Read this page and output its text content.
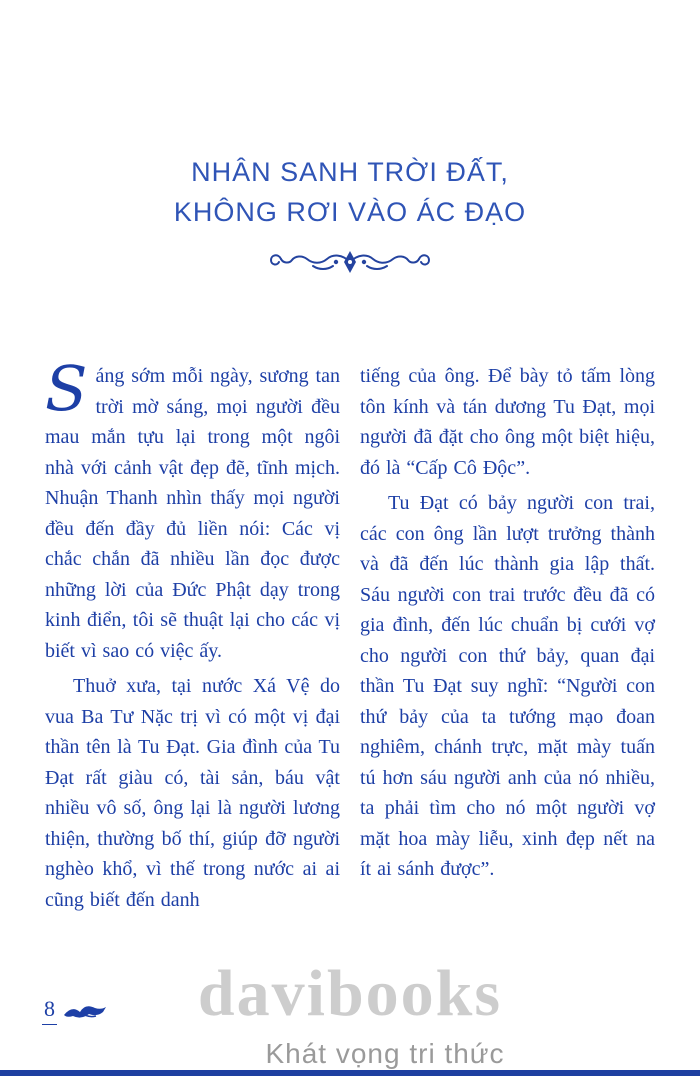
NHÂN SANH TRỜI ĐẤT,
KHÔNG RƠI VÀO ÁC ĐẠO

Sáng sớm mỗi ngày, sương tan trời mờ sáng, mọi người đều mau mắn tựu lại trong một ngôi nhà với cảnh vật đẹp đẽ, tĩnh mịch. Nhuận Thanh nhìn thấy mọi người đều đến đầy đủ liền nói: Các vị chắc chắn đã nhiều lần đọc được những lời của Đức Phật dạy trong kinh điển, tôi sẽ thuật lại cho các vị biết vì sao có việc ấy.

Thuở xưa, tại nước Xá Vệ do vua Ba Tư Nặc trị vì có một vị đại thần tên là Tu Đạt. Gia đình của Tu Đạt rất giàu có, tài sản, báu vật nhiều vô số, ông lại là người lương thiện, thường bố thí, giúp đỡ người nghèo khổ, vì thế trong nước ai ai cũng biết đến danh

tiếng của ông. Để bày tỏ tấm lòng tôn kính và tán dương Tu Đạt, mọi người đã đặt cho ông một biệt hiệu, đó là “Cấp Cô Độc”.

Tu Đạt có bảy người con trai, các con ông lần lượt trưởng thành và đã đến lúc thành gia lập thất. Sáu người con trai trước đều đã có gia đình, đến lúc chuẩn bị cưới vợ cho người con thứ bảy, quan đại thần Tu Đạt suy nghĩ: “Người con thứ bảy của ta tướng mạo đoan nghiêm, chánh trực, mặt mày tuấn tú hơn sáu người anh của nó nhiều, ta phải tìm cho nó một người vợ mặt hoa mày liễu, xinh đẹp nết na ít ai sánh được”.

8 davibooks
Khát vọng tri thức
